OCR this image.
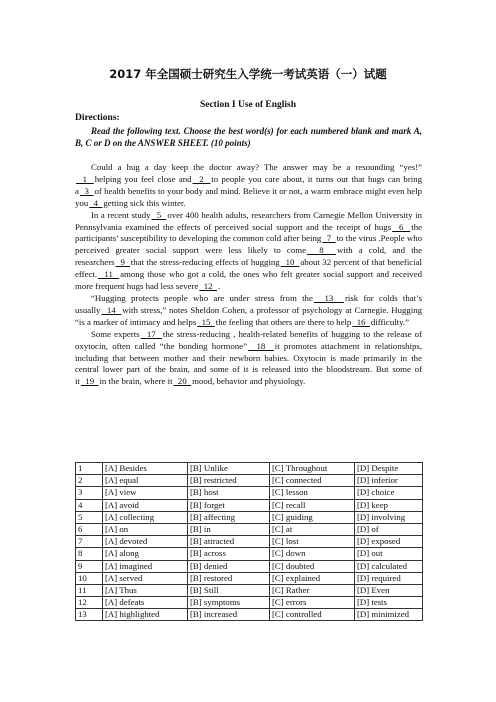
2017 年全国硕士研究生入学统一考试英语（一）试题
Section I Use of English
Directions:
Read the following text. Choose the best word(s) for each numbered blank and mark A, B, C or D on the ANSWER SHEET. (10 points)

Could a hug a day keep the doctor away? The answer may be a resounding “yes!”   1  helping you feel close and  2  to people you care about, it turns out that hugs can bring a  3  of health benefits to your body and mind. Believe it or not, a warm embrace might even help you  4  getting sick this winter.

In a recent study  5  over 400 health adults, researchers from Carnegie Mellon University in Pennsylvania examined the effects of perceived social support and the receipt of hugs  6  the participants’ susceptibility to developing the common cold after being  7  to the virus .People who perceived greater social support were less likely to come  8  with a cold, and the researchers  9  that the stress-reducing effects of hugging  10  about 32 percent of that beneficial effect.  11  among those who got a cold, the ones who felt greater social support and received more frequent hugs had less severe  12  .

“Hugging protects people who are under stress from the  13  risk for colds that’s usually  14  with stress,” notes Sheldon Cohen, a professor of psychology at Carnegie. Hugging “is a marker of intimacy and helps  15  the feeling that others are there to help  16  difficulty.”

Some experts  17  the stress-reducing , health-related benefits of hugging to the release of oxytocin, often called “the bonding hormone”  18  it promotes attachment in relationships, including that between mother and their newborn babies. Oxytocin is made primarily in the central lower part of the brain, and some of it is released into the bloodstream. But some of it  19  in the brain, where it  20  mood, behavior and physiology.

1	[A] Besides	[B] Unlike	[C] Throughout	[D] Despite
2	[A] equal	[B] restricted	[C] connected	[D] inferior
3	[A] view	[B] host	[C] lesson	[D] choice
4	[A] avoid	[B] forget	[C] recall	[D] keep
5	[A] collecting	[B] affecting	[C] guiding	[D] involving
6	[A] on	[B] in	[C] at	[D] of
7	[A] devoted	[B] attracted	[C] lost	[D] exposed
8	[A] along	[B] across	[C] down	[D] out
9	[A] imagined	[B] denied	[C] doubted	[D] calculated
10	[A] served	[B] restored	[C] explained	[D] required
11	[A] Thus	[B] Still	[C] Rather	[D] Even
12	[A] defeats	[B] symptoms	[C] errors	[D] tests
13	[A] highlighted	[B] increased	[C] controlled	[D] minimized
